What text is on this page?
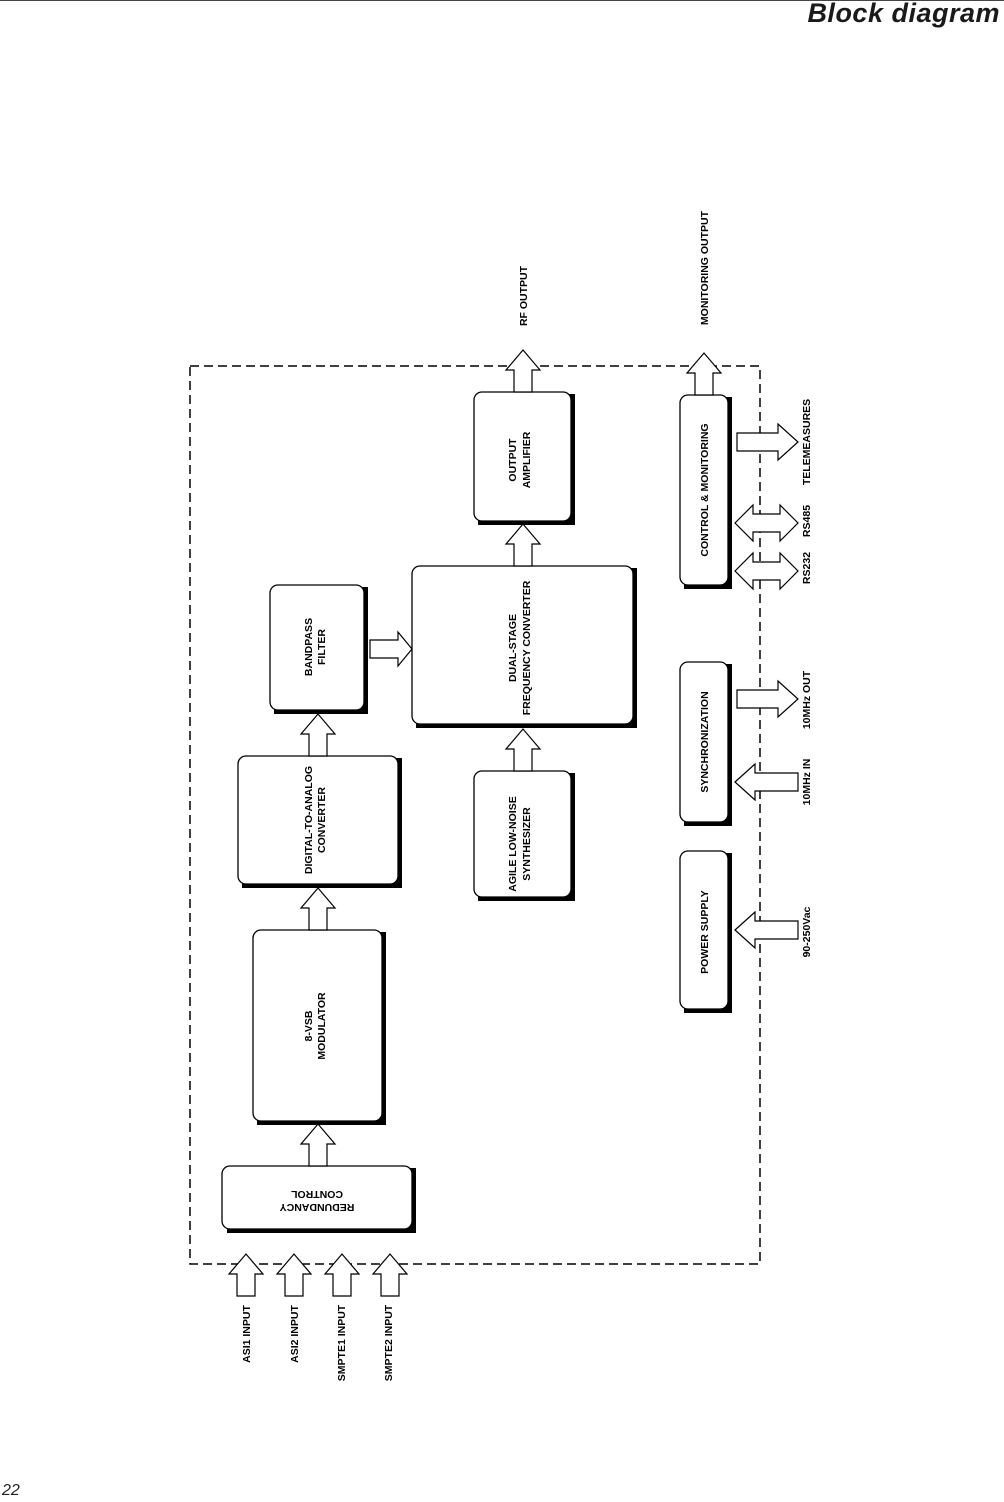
Block diagram
REDUNDANCY
CONTROL
8-VSB MODULATOR
DIGITAL-TO-ANALOG CONVERTER
BANDPASS FILTER
AGILE LOW-NOISE SYNTHESIZER
DUAL-STAGE FREQUENCY CONVERTER
OUTPUT AMPLIFIER
POWER SUPPLY
SYNCHRONIZATION
CONTROL & MONITORING
ASI1 INPUT	ASI2 INPUT	SMPTE1 INPUT	SMPTE2 INPUT
RF OUTPUT	MONITORING OUTPUT
90-250Vac
10MHz IN
10MHz OUT
RS232
RS485
TELEMEASURES
22
